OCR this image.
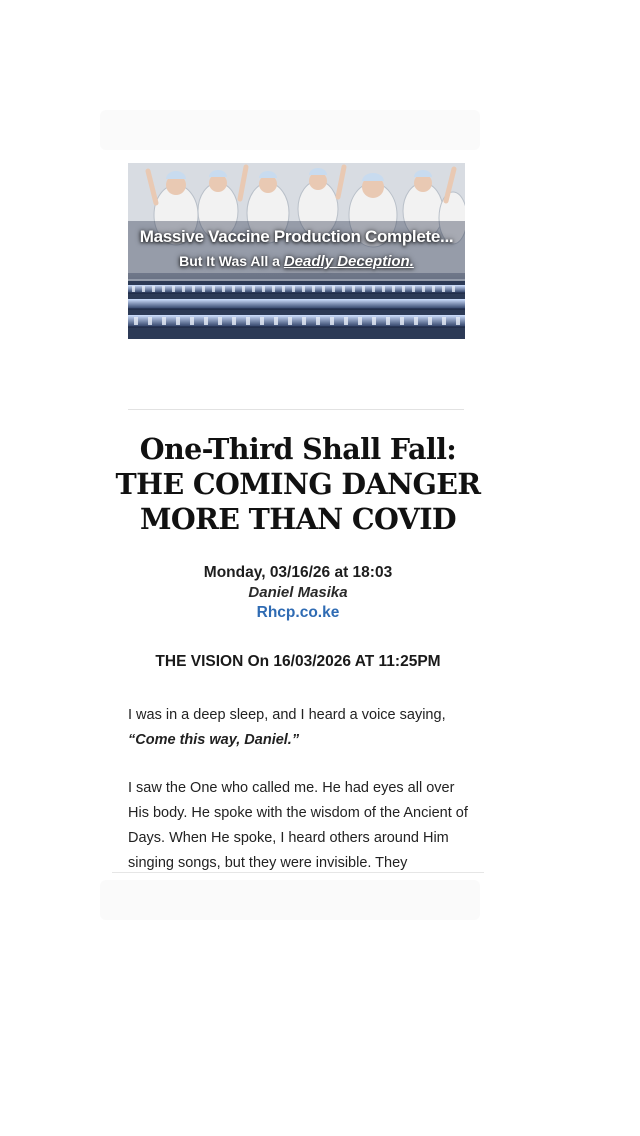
Massive Vaccine Production Complete...
But It Was All a Deadly Deception.
One-Third Shall Fall:
THE COMING DANGER
MORE THAN COVID
Monday, 03/16/26 at 18:03
Daniel Masika
Rhcp.co.ke
THE VISION On 16/03/2026 AT 11:25PM

I was in a deep sleep, and I heard a voice saying,
“Come this way, Daniel.”

I saw the One who called me. He had eyes all over His body. He spoke with the wisdom of the Ancient of Days. When He spoke, I heard others around Him singing songs, but they were invisible. They
